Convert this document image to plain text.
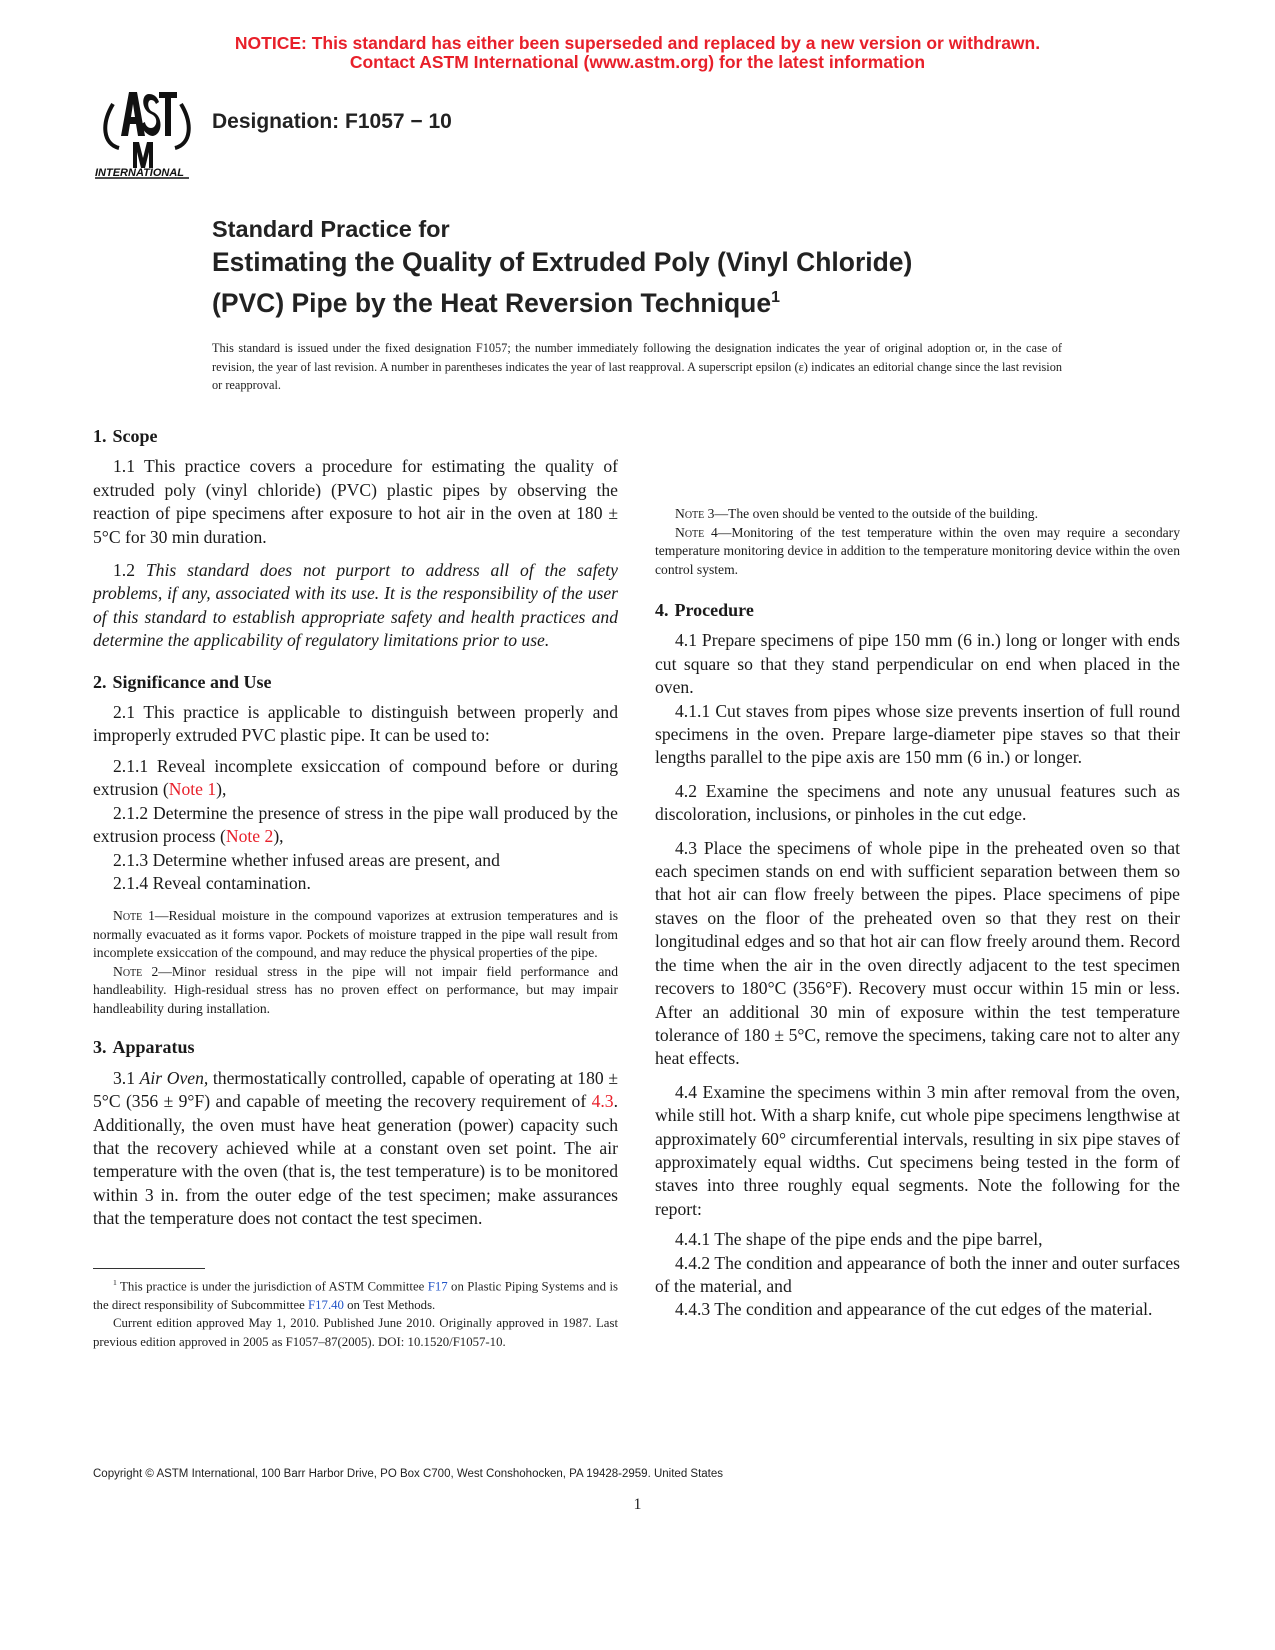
NOTICE: This standard has either been superseded and replaced by a new version or withdrawn.
Contact ASTM International (www.astm.org) for the latest information
INTERNATIONAL
Designation: F1057 − 10
Standard Practice for
Estimating the Quality of Extruded Poly (Vinyl Chloride)
(PVC) Pipe by the Heat Reversion Technique$^1$
This standard is issued under the fixed designation F1057; the number immediately following the designation indicates the year of original adoption or, in the case of revision, the year of last revision. A number in parentheses indicates the year of last reapproval. A superscript epsilon (ε) indicates an editorial change since the last revision or reapproval.
1. Scope

1.1 This practice covers a procedure for estimating the quality of extruded poly (vinyl chloride) (PVC) plastic pipes by observing the reaction of pipe specimens after exposure to hot air in the oven at 180 ± 5°C for 30 min duration.

1.2 This standard does not purport to address all of the safety problems, if any, associated with its use. It is the responsibility of the user of this standard to establish appropriate safety and health practices and determine the applicability of regulatory limitations prior to use.

2. Significance and Use

2.1 This practice is applicable to distinguish between properly and improperly extruded PVC plastic pipe. It can be used to:

2.1.1 Reveal incomplete exsiccation of compound before or during extrusion (Note 1),

2.1.2 Determine the presence of stress in the pipe wall produced by the extrusion process (Note 2),

2.1.3 Determine whether infused areas are present, and

2.1.4 Reveal contamination.

Note 1—Residual moisture in the compound vaporizes at extrusion temperatures and is normally evacuated as it forms vapor. Pockets of moisture trapped in the pipe wall result from incomplete exsiccation of the compound, and may reduce the physical properties of the pipe.
Note 2—Minor residual stress in the pipe will not impair field performance and handleability. High-residual stress has no proven effect on performance, but may impair handleability during installation.
3. Apparatus

3.1 Air Oven, thermostatically controlled, capable of operating at 180 ± 5°C (356 ± 9°F) and capable of meeting the recovery requirement of 4.3. Additionally, the oven must have heat generation (power) capacity such that the recovery achieved while at a constant oven set point. The air temperature with the oven (that is, the test temperature) is to be monitored within 3 in. from the outer edge of the test specimen; make assurances that the temperature does not contact the test specimen.

$^1$ This practice is under the jurisdiction of ASTM Committee F17 on Plastic Piping Systems and is the direct responsibility of Subcommittee F17.40 on Test Methods.

Current edition approved May 1, 2010. Published June 2010. Originally approved in 1987. Last previous edition approved in 2005 as F1057–87(2005). DOI: 10.1520/F1057-10.

Note 3—The oven should be vented to the outside of the building.
Note 4—Monitoring of the test temperature within the oven may require a secondary temperature monitoring device in addition to the temperature monitoring device within the oven control system.
4. Procedure

4.1 Prepare specimens of pipe 150 mm (6 in.) long or longer with ends cut square so that they stand perpendicular on end when placed in the oven.

4.1.1 Cut staves from pipes whose size prevents insertion of full round specimens in the oven. Prepare large-diameter pipe staves so that their lengths parallel to the pipe axis are 150 mm (6 in.) or longer.

4.2 Examine the specimens and note any unusual features such as discoloration, inclusions, or pinholes in the cut edge.

4.3 Place the specimens of whole pipe in the preheated oven so that each specimen stands on end with sufficient separation between them so that hot air can flow freely between the pipes. Place specimens of pipe staves on the floor of the preheated oven so that they rest on their longitudinal edges and so that hot air can flow freely around them. Record the time when the air in the oven directly adjacent to the test specimen recovers to 180°C (356°F). Recovery must occur within 15 min or less. After an additional 30 min of exposure within the test temperature tolerance of 180 ± 5°C, remove the specimens, taking care not to alter any heat effects.

4.4 Examine the specimens within 3 min after removal from the oven, while still hot. With a sharp knife, cut whole pipe specimens lengthwise at approximately 60° circumferential intervals, resulting in six pipe staves of approximately equal widths. Cut specimens being tested in the form of staves into three roughly equal segments. Note the following for the report:

4.4.1 The shape of the pipe ends and the pipe barrel,

4.4.2 The condition and appearance of both the inner and outer surfaces of the material, and

4.4.3 The condition and appearance of the cut edges of the material.

Copyright © ASTM International, 100 Barr Harbor Drive, PO Box C700, West Conshohocken, PA 19428-2959. United States
1
